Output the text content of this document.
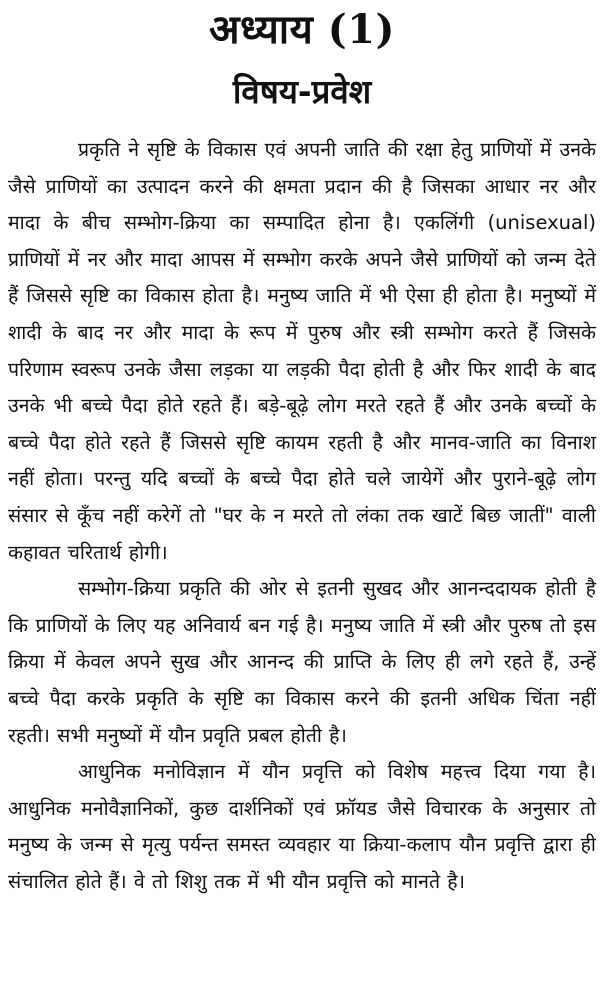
अध्याय (1)
विषय-प्रवेश

प्रकृति ने सृष्टि के विकास एवं अपनी जाति की रक्षा हेतु प्राणियों में उनके जैसे प्राणियों का उत्पादन करने की क्षमता प्रदान की है जिसका आधार नर और मादा के बीच सम्भोग-क्रिया का सम्पादित होना है। एकलिंगी (unisexual) प्राणियों में नर और मादा आपस में सम्भोग करके अपने जैसे प्राणियों को जन्म देते हैं जिससे सृष्टि का विकास होता है। मनुष्य जाति में भी ऐसा ही होता है। मनुष्यों में शादी के बाद नर और मादा के रूप में पुरुष और स्त्री सम्भोग करते हैं जिसके परिणाम स्वरूप उनके जैसा लड़का या लड़की पैदा होती है और फिर शादी के बाद उनके भी बच्चे पैदा होते रहते हैं। बड़े-बूढ़े लोग मरते रहते हैं और उनके बच्चों के बच्चे पैदा होते रहते हैं जिससे सृष्टि कायम रहती है और मानव-जाति का विनाश नहीं होता। परन्तु यदि बच्चों के बच्चे पैदा होते चले जायेगें और पुराने-बूढ़े लोग संसार से कूँच नहीं करेगें तो "घर के न मरते तो लंका तक खाटें बिछ जातीं" वाली कहावत चरितार्थ होगी।

सम्भोग-क्रिया प्रकृति की ओर से इतनी सुखद और आनन्ददायक होती है कि प्राणियों के लिए यह अनिवार्य बन गई है। मनुष्य जाति में स्त्री और पुरुष तो इस क्रिया में केवल अपने सुख और आनन्द की प्राप्ति के लिए ही लगे रहते हैं, उन्हें बच्चे पैदा करके प्रकृति के सृष्टि का विकास करने की इतनी अधिक चिंता नहीं रहती। सभी मनुष्यों में यौन प्रवृति प्रबल होती है।

आधुनिक मनोविज्ञान में यौन प्रवृत्ति को विशेष महत्त्व दिया गया है। आधुनिक मनोवैज्ञानिकों, कुछ दार्शनिकों एवं फ्रॉयड जैसे विचारक के अनुसार तो मनुष्य के जन्म से मृत्यु पर्यन्त समस्त व्यवहार या क्रिया-कलाप यौन प्रवृत्ति द्वारा ही संचालित होते हैं। वे तो शिशु तक में भी यौन प्रवृत्ति को मानते है।
